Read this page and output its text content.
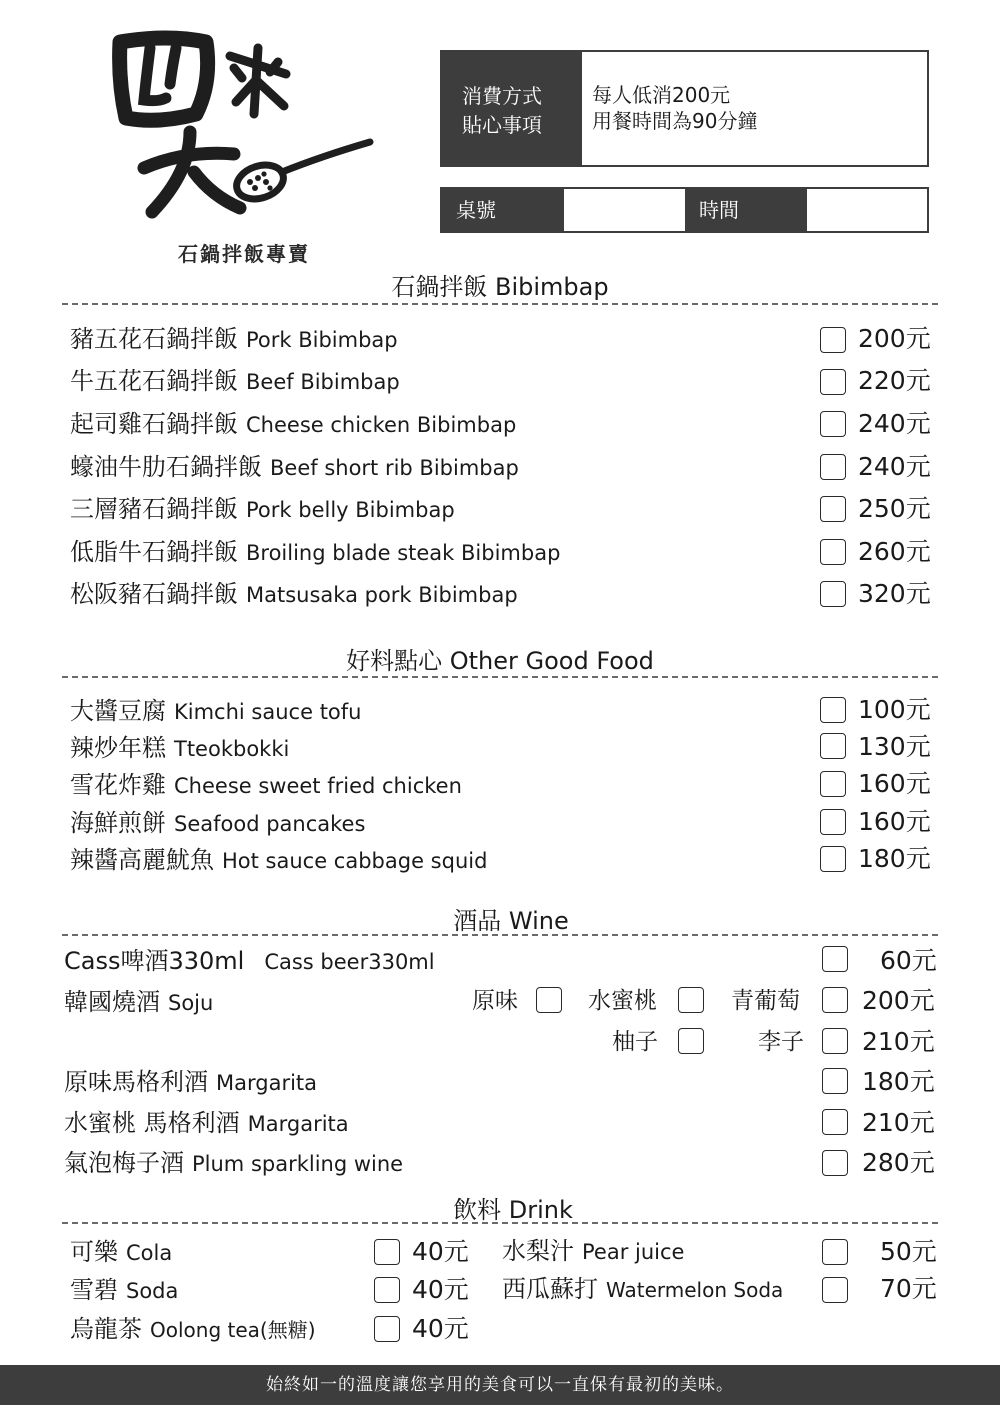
石鍋拌飯專賣
消費方式
貼心事項
每人低消200元
用餐時間為90分鐘
桌號	時間
石鍋拌飯 Bibimbap
豬五花石鍋拌飯 Pork Bibimbap	200元
牛五花石鍋拌飯 Beef Bibimbap	220元
起司雞石鍋拌飯 Cheese chicken Bibimbap	240元
蠔油牛肋石鍋拌飯 Beef short rib Bibimbap	240元
三層豬石鍋拌飯 Pork belly Bibimbap	250元
低脂牛石鍋拌飯 Broiling blade steak Bibimbap	260元
松阪豬石鍋拌飯 Matsusaka pork Bibimbap	320元
好料點心 Other Good Food
大醬豆腐 Kimchi sauce tofu	100元
辣炒年糕 Tteokbokki	130元
雪花炸雞 Cheese sweet fried chicken	160元
海鮮煎餅 Seafood pancakes	160元
辣醬高麗魷魚 Hot sauce cabbage squid	180元
酒品 Wine
Cass啤酒330ml Cass beer330ml	60元
韓國燒酒 Soju	原味	水蜜桃	青葡萄 200元
柚子	李子 210元
原味馬格利酒 Margarita	180元
水蜜桃 馬格利酒 Margarita	210元
氣泡梅子酒 Plum sparkling wine	280元
飲料 Drink
可樂 Cola	40元
雪碧 Soda	40元
烏龍茶 Oolong tea(無糖)	40元
水梨汁 Pear juice	50元
西瓜蘇打 Watermelon Soda	70元
始終如一的溫度讓您享用的美食可以一直保有最初的美味。
